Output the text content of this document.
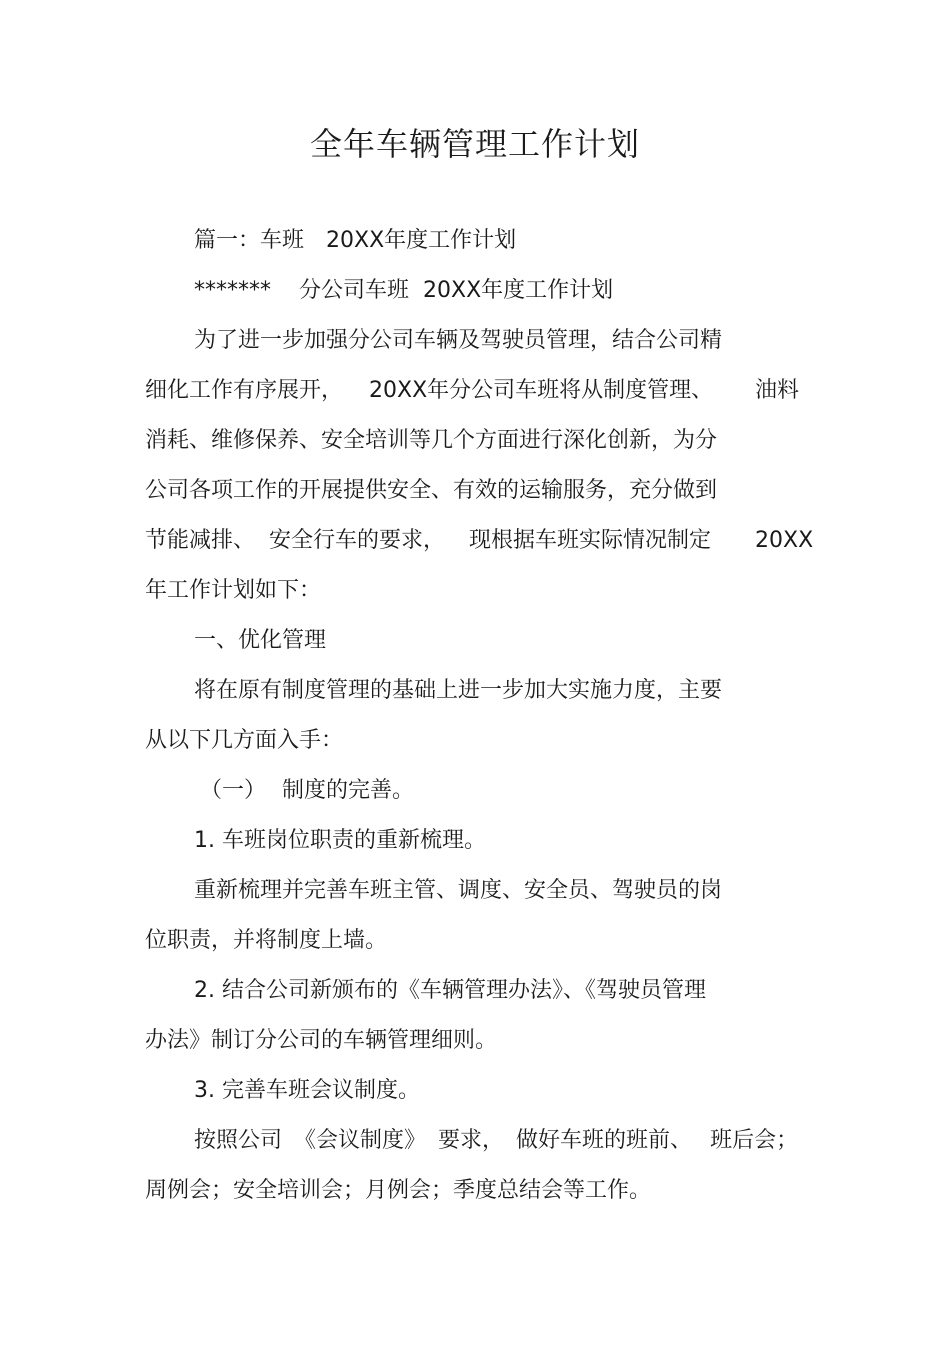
全年车辆管理工作计划
篇一：车班 20XX年度工作计划
******* 分公司车班 20XX年度工作计划
为了进一步加强分公司车辆及驾驶员管理，结合公司精
细化工作有序展开， 20XX年分公司车班将从制度管理、 油料
消耗、维修保养、安全培训等几个方面进行深化创新，为分
公司各项工作的开展提供安全、有效的运输服务，充分做到
节能减排、 安全行车的要求， 现根据车班实际情况制定 20XX
年工作计划如下：
一、优化管理
将在原有制度管理的基础上进一步加大实施力度，主要
从以下几方面入手：
（一） 制度的完善。
1. 车班岗位职责的重新梳理。
重新梳理并完善车班主管、调度、安全员、驾驶员的岗
位职责，并将制度上墙。
2. 结合公司新颁布的《车辆管理办法》、《驾驶员管理
办法》制订分公司的车辆管理细则。
3. 完善车班会议制度。
按照公司 《会议制度》 要求， 做好车班的班前、 班后会；
周例会；安全培训会；月例会；季度总结会等工作。
